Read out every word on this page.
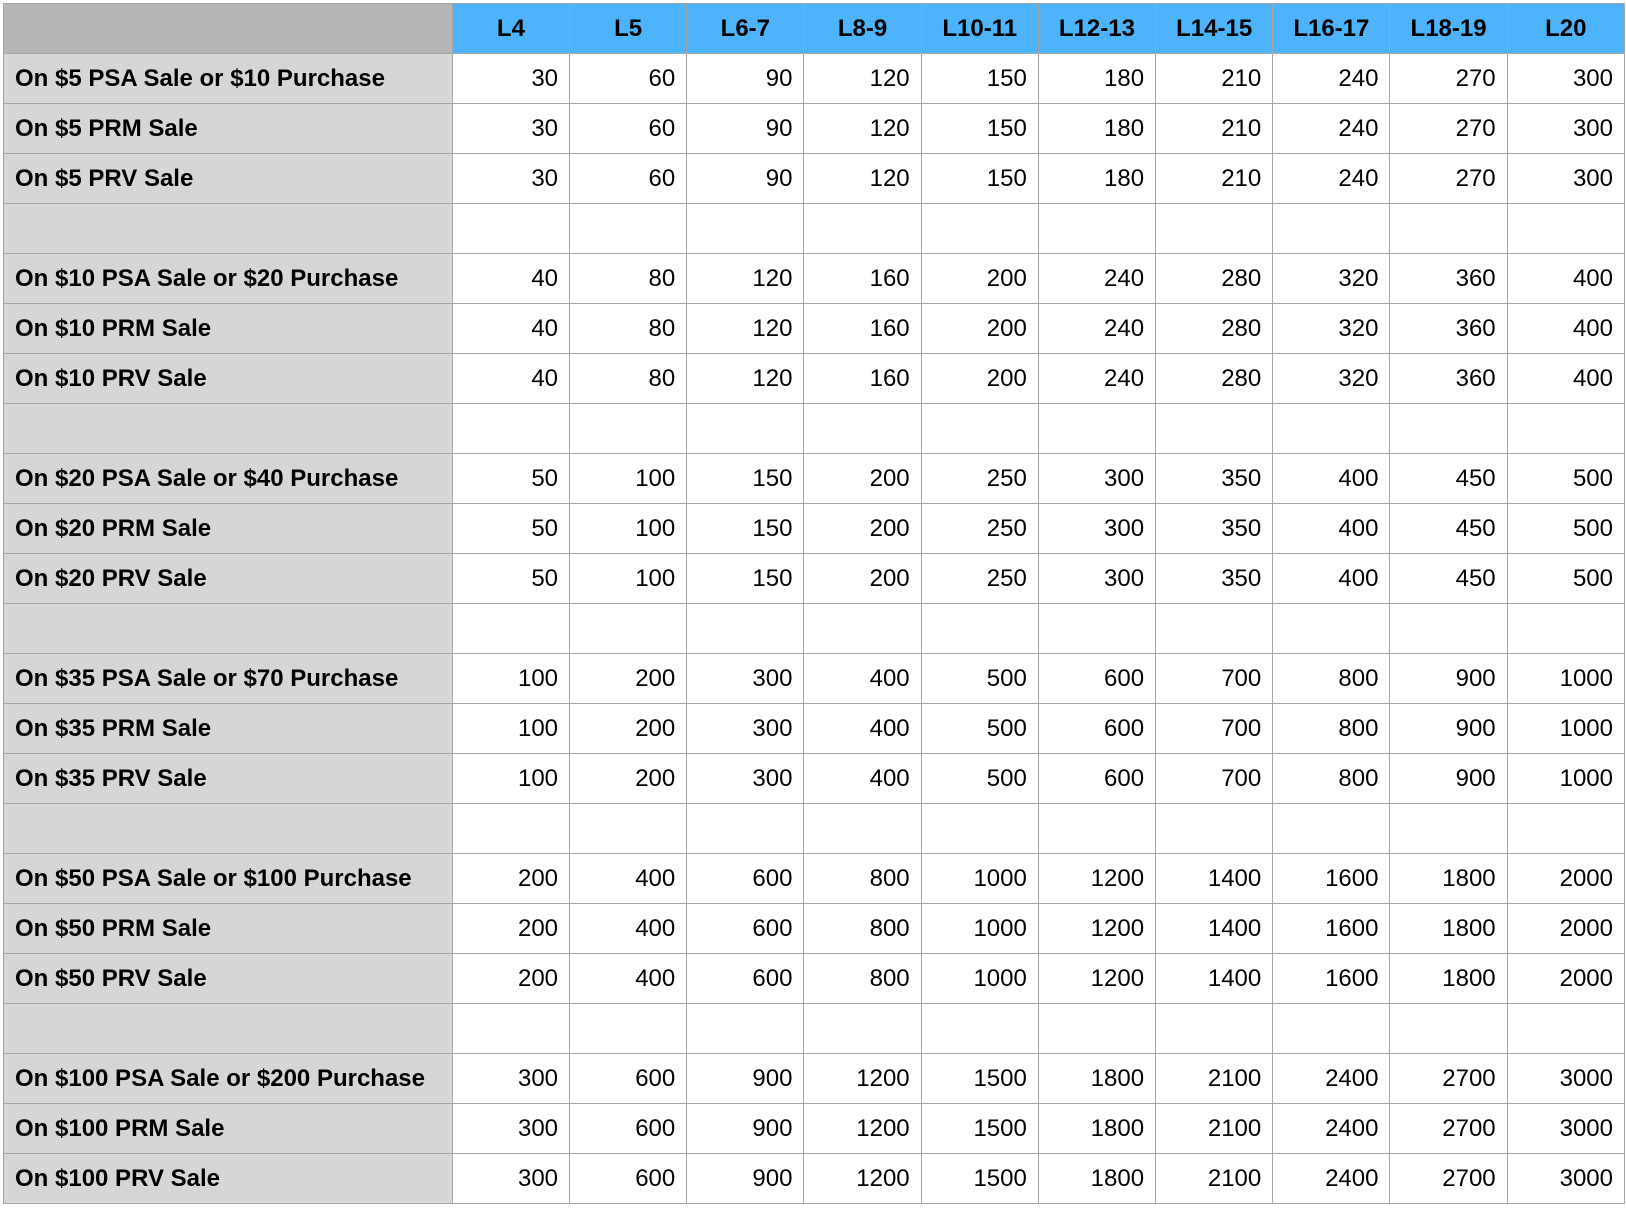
	L4	L5	L6-7	L8-9	L10-11	L12-13	L14-15	L16-17	L18-19	L20
On $5 PSA Sale or $10 Purchase	30	60	90	120	150	180	210	240	270	300
On $5 PRM Sale	30	60	90	120	150	180	210	240	270	300
On $5 PRV Sale	30	60	90	120	150	180	210	240	270	300

On $10 PSA Sale or $20 Purchase	40	80	120	160	200	240	280	320	360	400
On $10 PRM Sale	40	80	120	160	200	240	280	320	360	400
On $10 PRV Sale	40	80	120	160	200	240	280	320	360	400

On $20 PSA Sale or $40 Purchase	50	100	150	200	250	300	350	400	450	500
On $20 PRM Sale	50	100	150	200	250	300	350	400	450	500
On $20 PRV Sale	50	100	150	200	250	300	350	400	450	500

On $35 PSA Sale or $70 Purchase	100	200	300	400	500	600	700	800	900	1000
On $35 PRM Sale	100	200	300	400	500	600	700	800	900	1000
On $35 PRV Sale	100	200	300	400	500	600	700	800	900	1000

On $50 PSA Sale or $100 Purchase	200	400	600	800	1000	1200	1400	1600	1800	2000
On $50 PRM Sale	200	400	600	800	1000	1200	1400	1600	1800	2000
On $50 PRV Sale	200	400	600	800	1000	1200	1400	1600	1800	2000

On $100 PSA Sale or $200 Purchase	300	600	900	1200	1500	1800	2100	2400	2700	3000
On $100 PRM Sale	300	600	900	1200	1500	1800	2100	2400	2700	3000
On $100 PRV Sale	300	600	900	1200	1500	1800	2100	2400	2700	3000
